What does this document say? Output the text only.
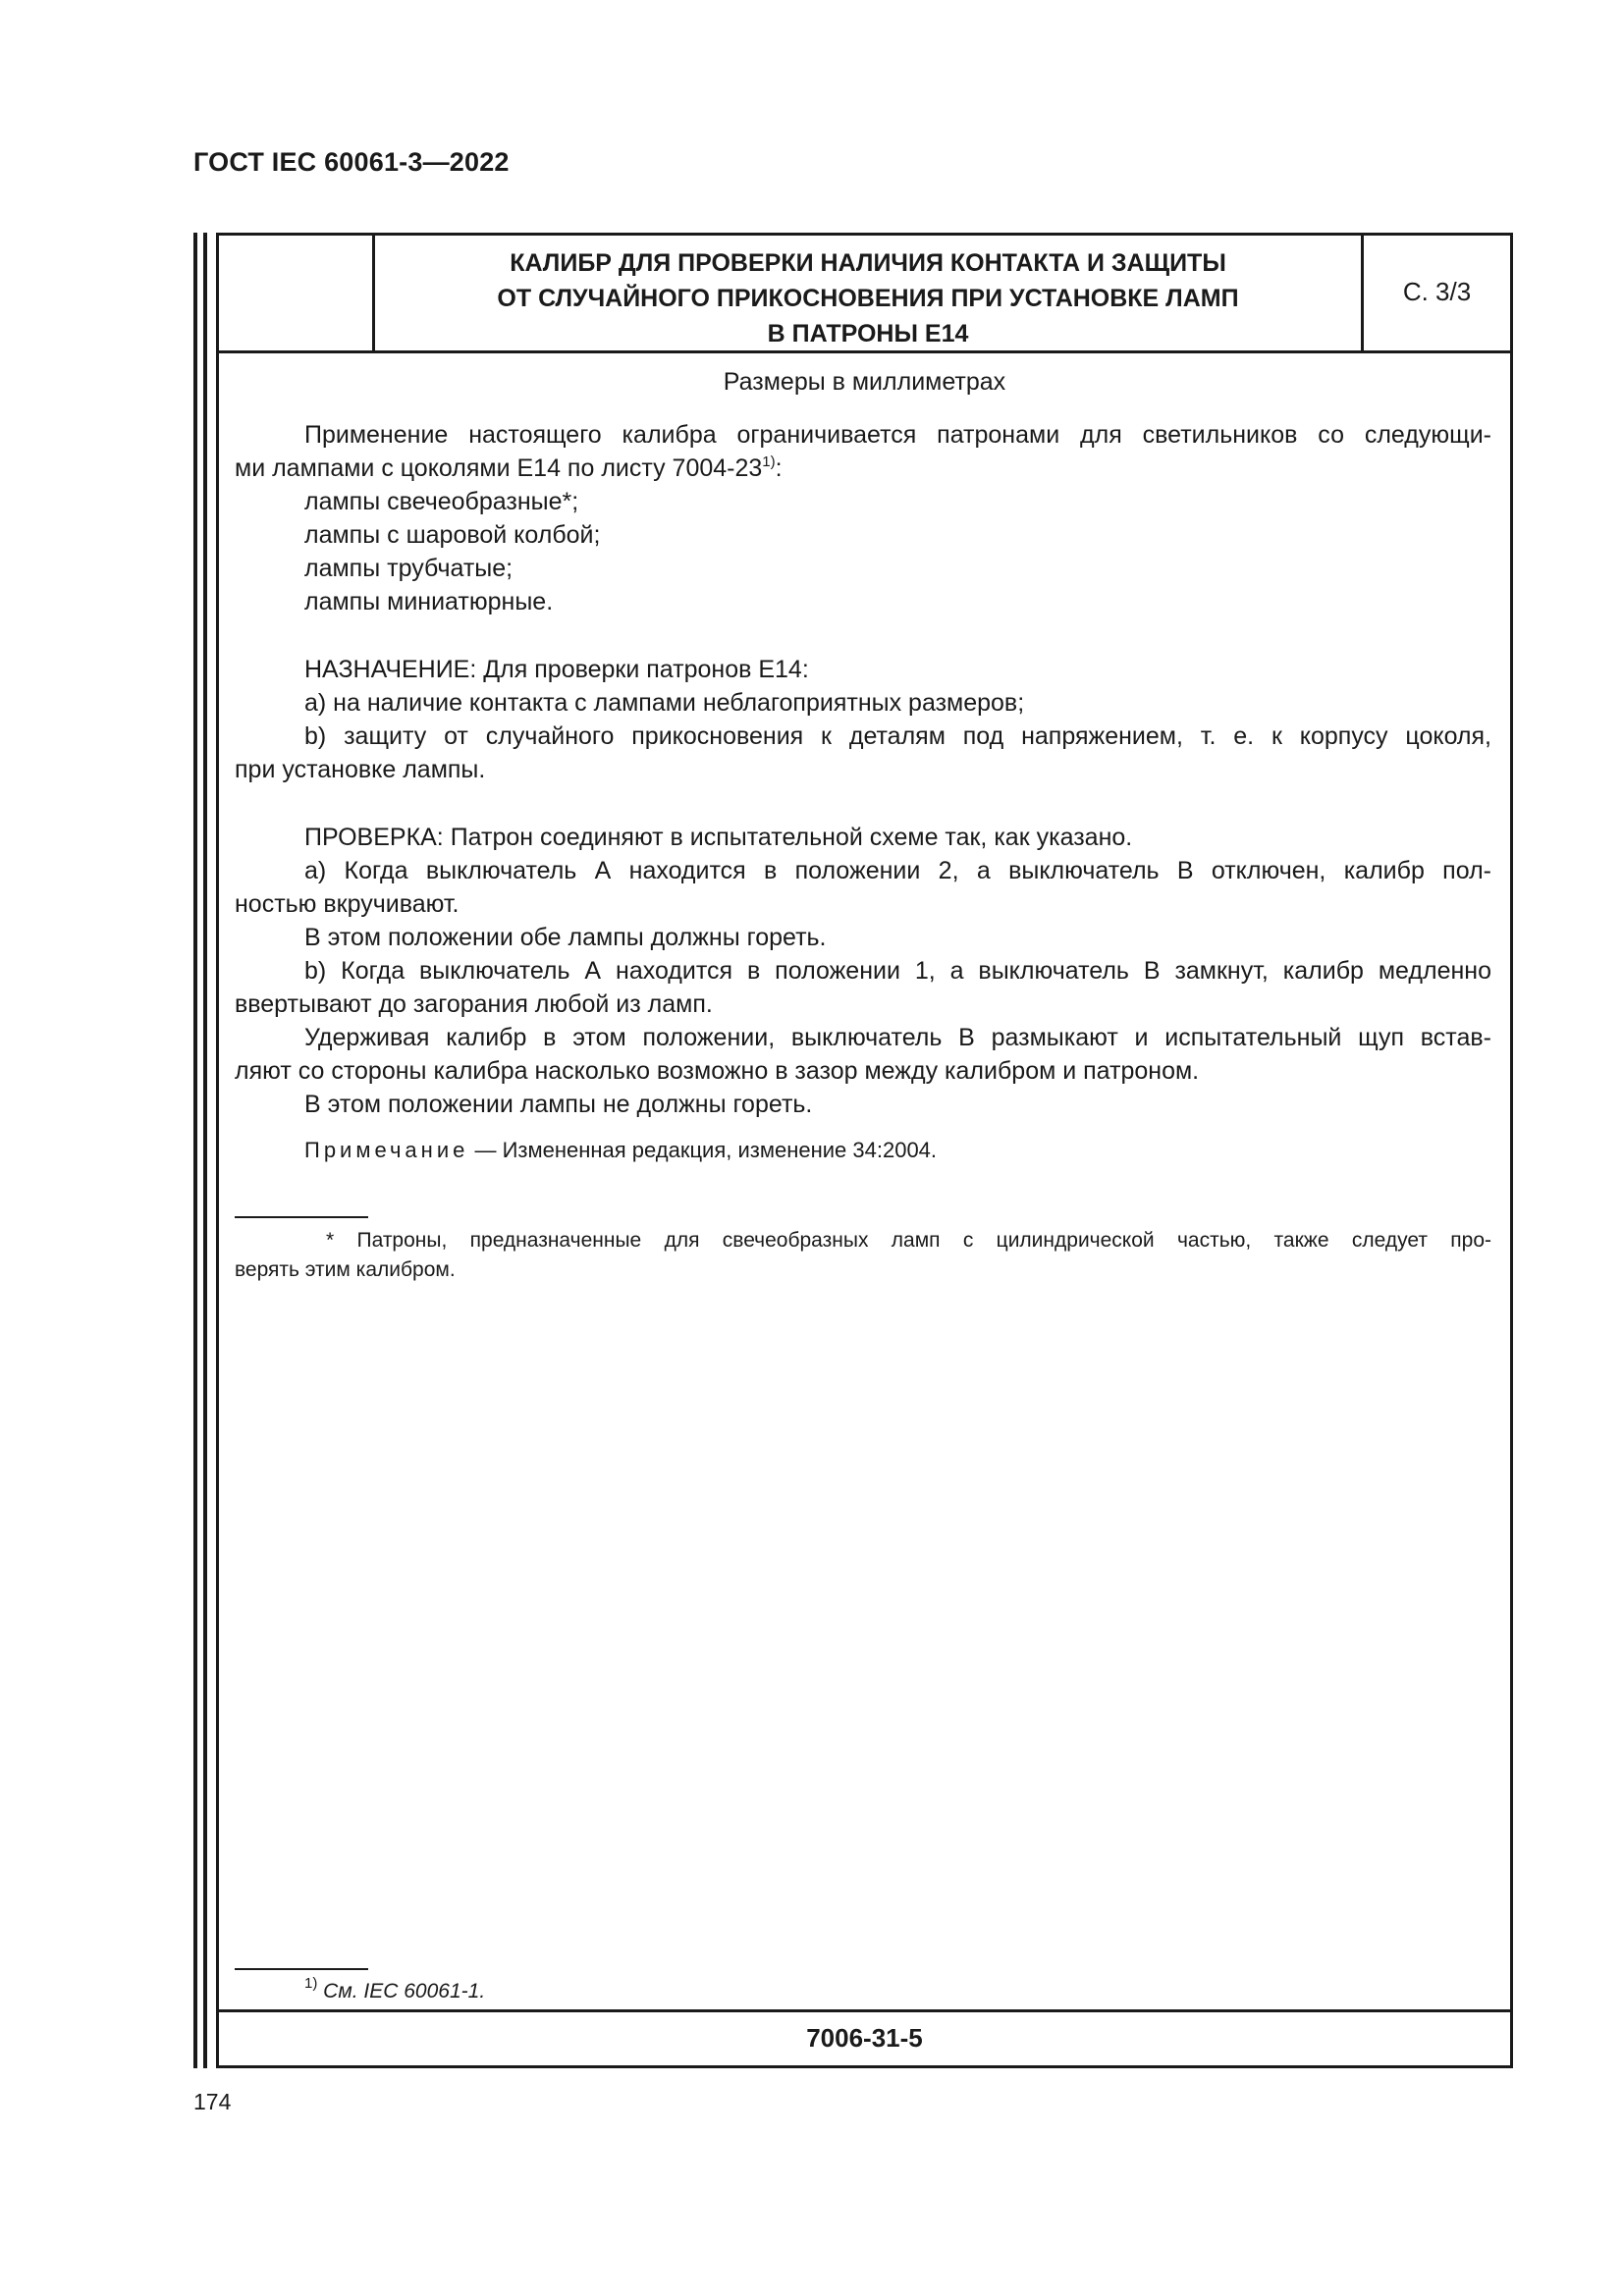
ГОСТ IEC 60061-3—2022
КАЛИБР ДЛЯ ПРОВЕРКИ НАЛИЧИЯ КОНТАКТА И ЗАЩИТЫ
ОТ СЛУЧАЙНОГО ПРИКОСНОВЕНИЯ ПРИ УСТАНОВКЕ ЛАМП
В ПАТРОНЫ Е14
С. 3/3
Размеры в миллиметрах
Применение настоящего калибра ограничивается патронами для светильников со следующи-
ми лампами с цоколями Е14 по листу 7004-23$^{1)}$:
лампы свечеобразные*;
лампы с шаровой колбой;
лампы трубчатые;
лампы миниатюрные.
НАЗНАЧЕНИЕ: Для проверки патронов Е14:
а) на наличие контакта с лампами неблагоприятных размеров;
b) защиту от случайного прикосновения к деталям под напряжением, т. е. к корпусу цоколя,
при установке лампы.
ПРОВЕРКА: Патрон соединяют в испытательной схеме так, как указано.
а) Когда выключатель А находится в положении 2, а выключатель В отключен, калибр пол-
ностью вкручивают.
В этом положении обе лампы должны гореть.
b) Когда выключатель А находится в положении 1, а выключатель В замкнут, калибр медленно
ввертывают до загорания любой из ламп.
Удерживая калибр в этом положении, выключатель В размыкают и испытательный щуп встав-
ляют со стороны калибра насколько возможно в зазор между калибром и патроном.
В этом положении лампы не должны гореть.
Примечание — Измененная редакция, изменение 34:2004.
* Патроны, предназначенные для свечеобразных ламп с цилиндрической частью, также следует про-
верять этим калибром.
$^{1)}$ См. IEC 60061-1.
7006-31-5
174
